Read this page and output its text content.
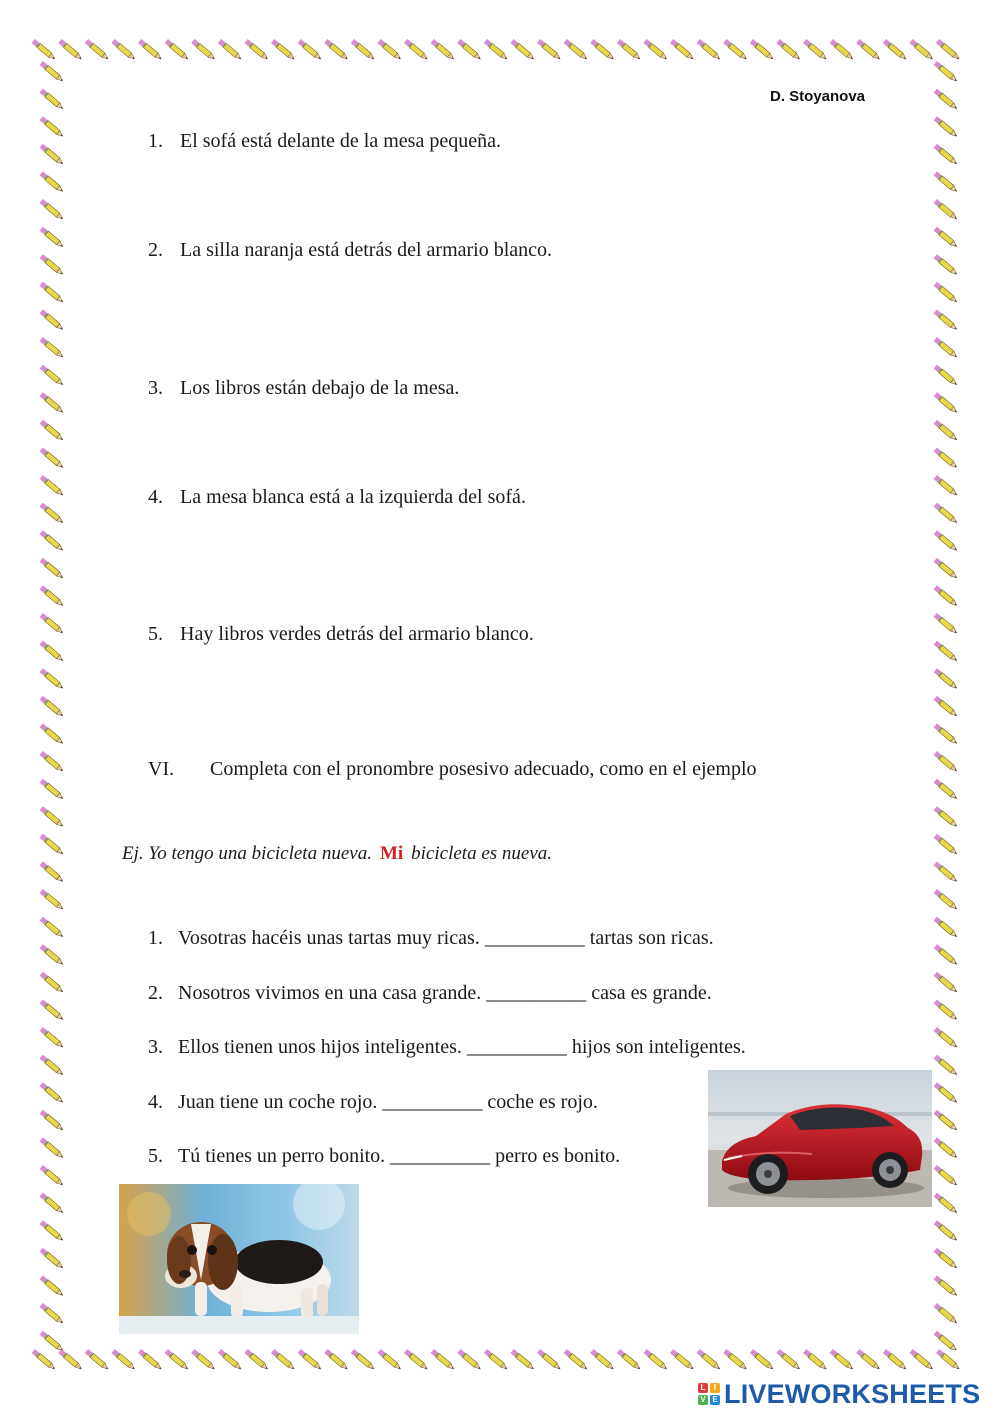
D. Stoyanova
1. El sofá está delante de la mesa pequeña.
2. La silla naranja está detrás del armario blanco.
3. Los libros están debajo de la mesa.
4. La mesa blanca está a la izquierda del sofá.
5. Hay libros verdes detrás del armario blanco.
VI. Completa con el pronombre posesivo adecuado, como en el ejemplo
Ej. Yo tengo una bicicleta nueva. Mi bicicleta es nueva.
1. Vosotras hacéis unas tartas muy ricas. __________ tartas son ricas.
2. Nosotros vivimos en una casa grande. __________ casa es grande.
3. Ellos tienen unos hijos inteligentes. __________ hijos son inteligentes.
4. Juan tiene un coche rojo. __________ coche es rojo.
5. Tú tienes un perro bonito. __________ perro es bonito.
L	I
V E LIVEWORKSHEETS
